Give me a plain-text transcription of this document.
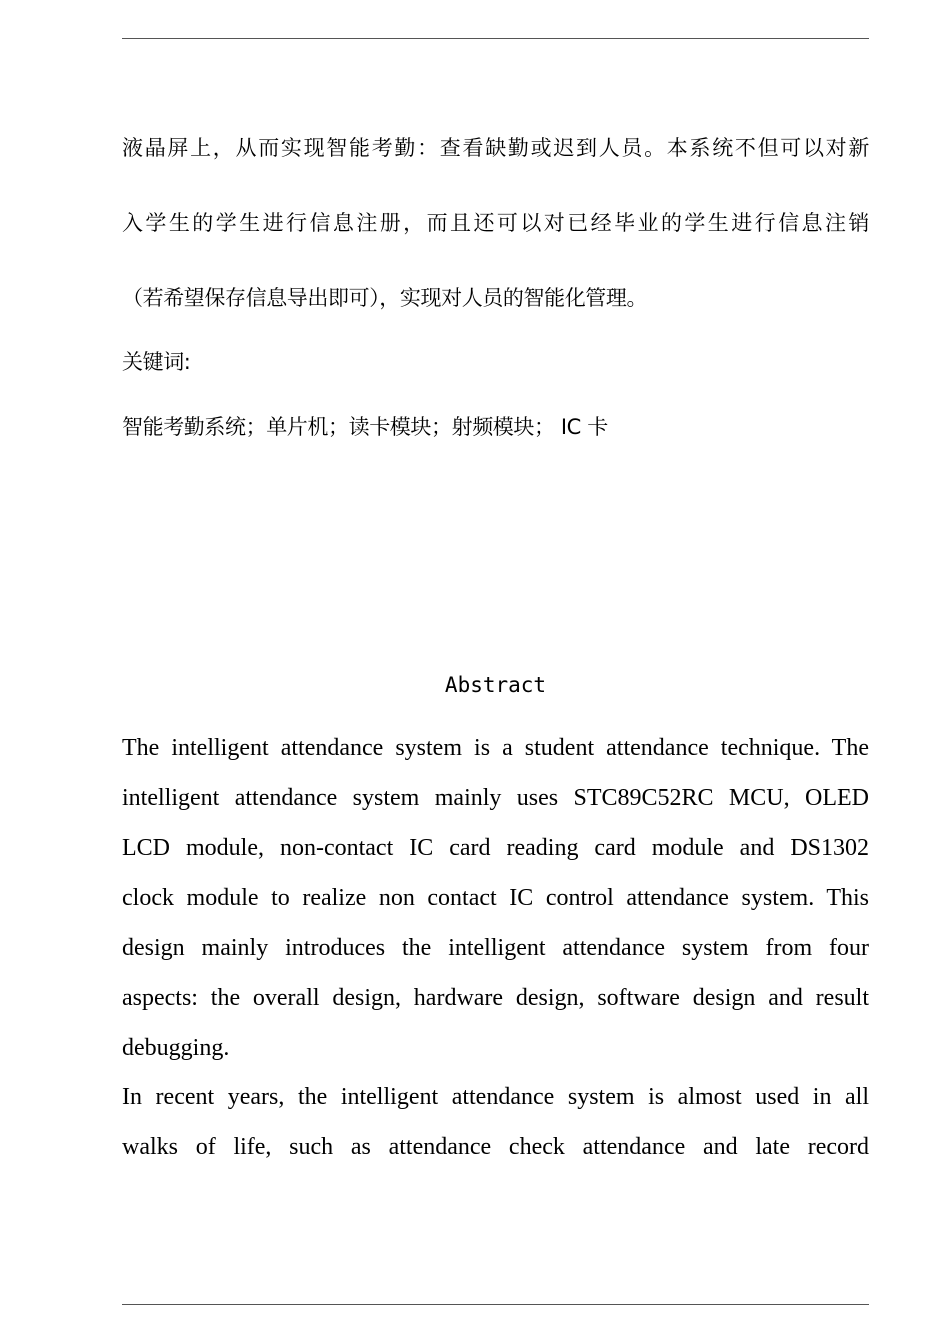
液晶屏上，从而实现智能考勤：查看缺勤或迟到人员。本系统不但可以对新
入学生的学生进行信息注册，而且还可以对已经毕业的学生进行信息注销
（若希望保存信息导出即可），实现对人员的智能化管理。
关键词:
智能考勤系统；单片机；读卡模块；射频模块； IC 卡
Abstract
The intelligent attendance system is a student attendance technique. The
intelligent attendance system mainly uses STC89C52RC MCU, OLED
LCD module, non-contact IC card reading card module and DS1302
clock module to realize non contact IC control attendance system. This
design mainly introduces the intelligent attendance system from four
aspects: the overall design, hardware design, software design and result
debugging.
In recent years, the intelligent attendance system is almost used in all
walks of life, such as attendance check attendance and late record
